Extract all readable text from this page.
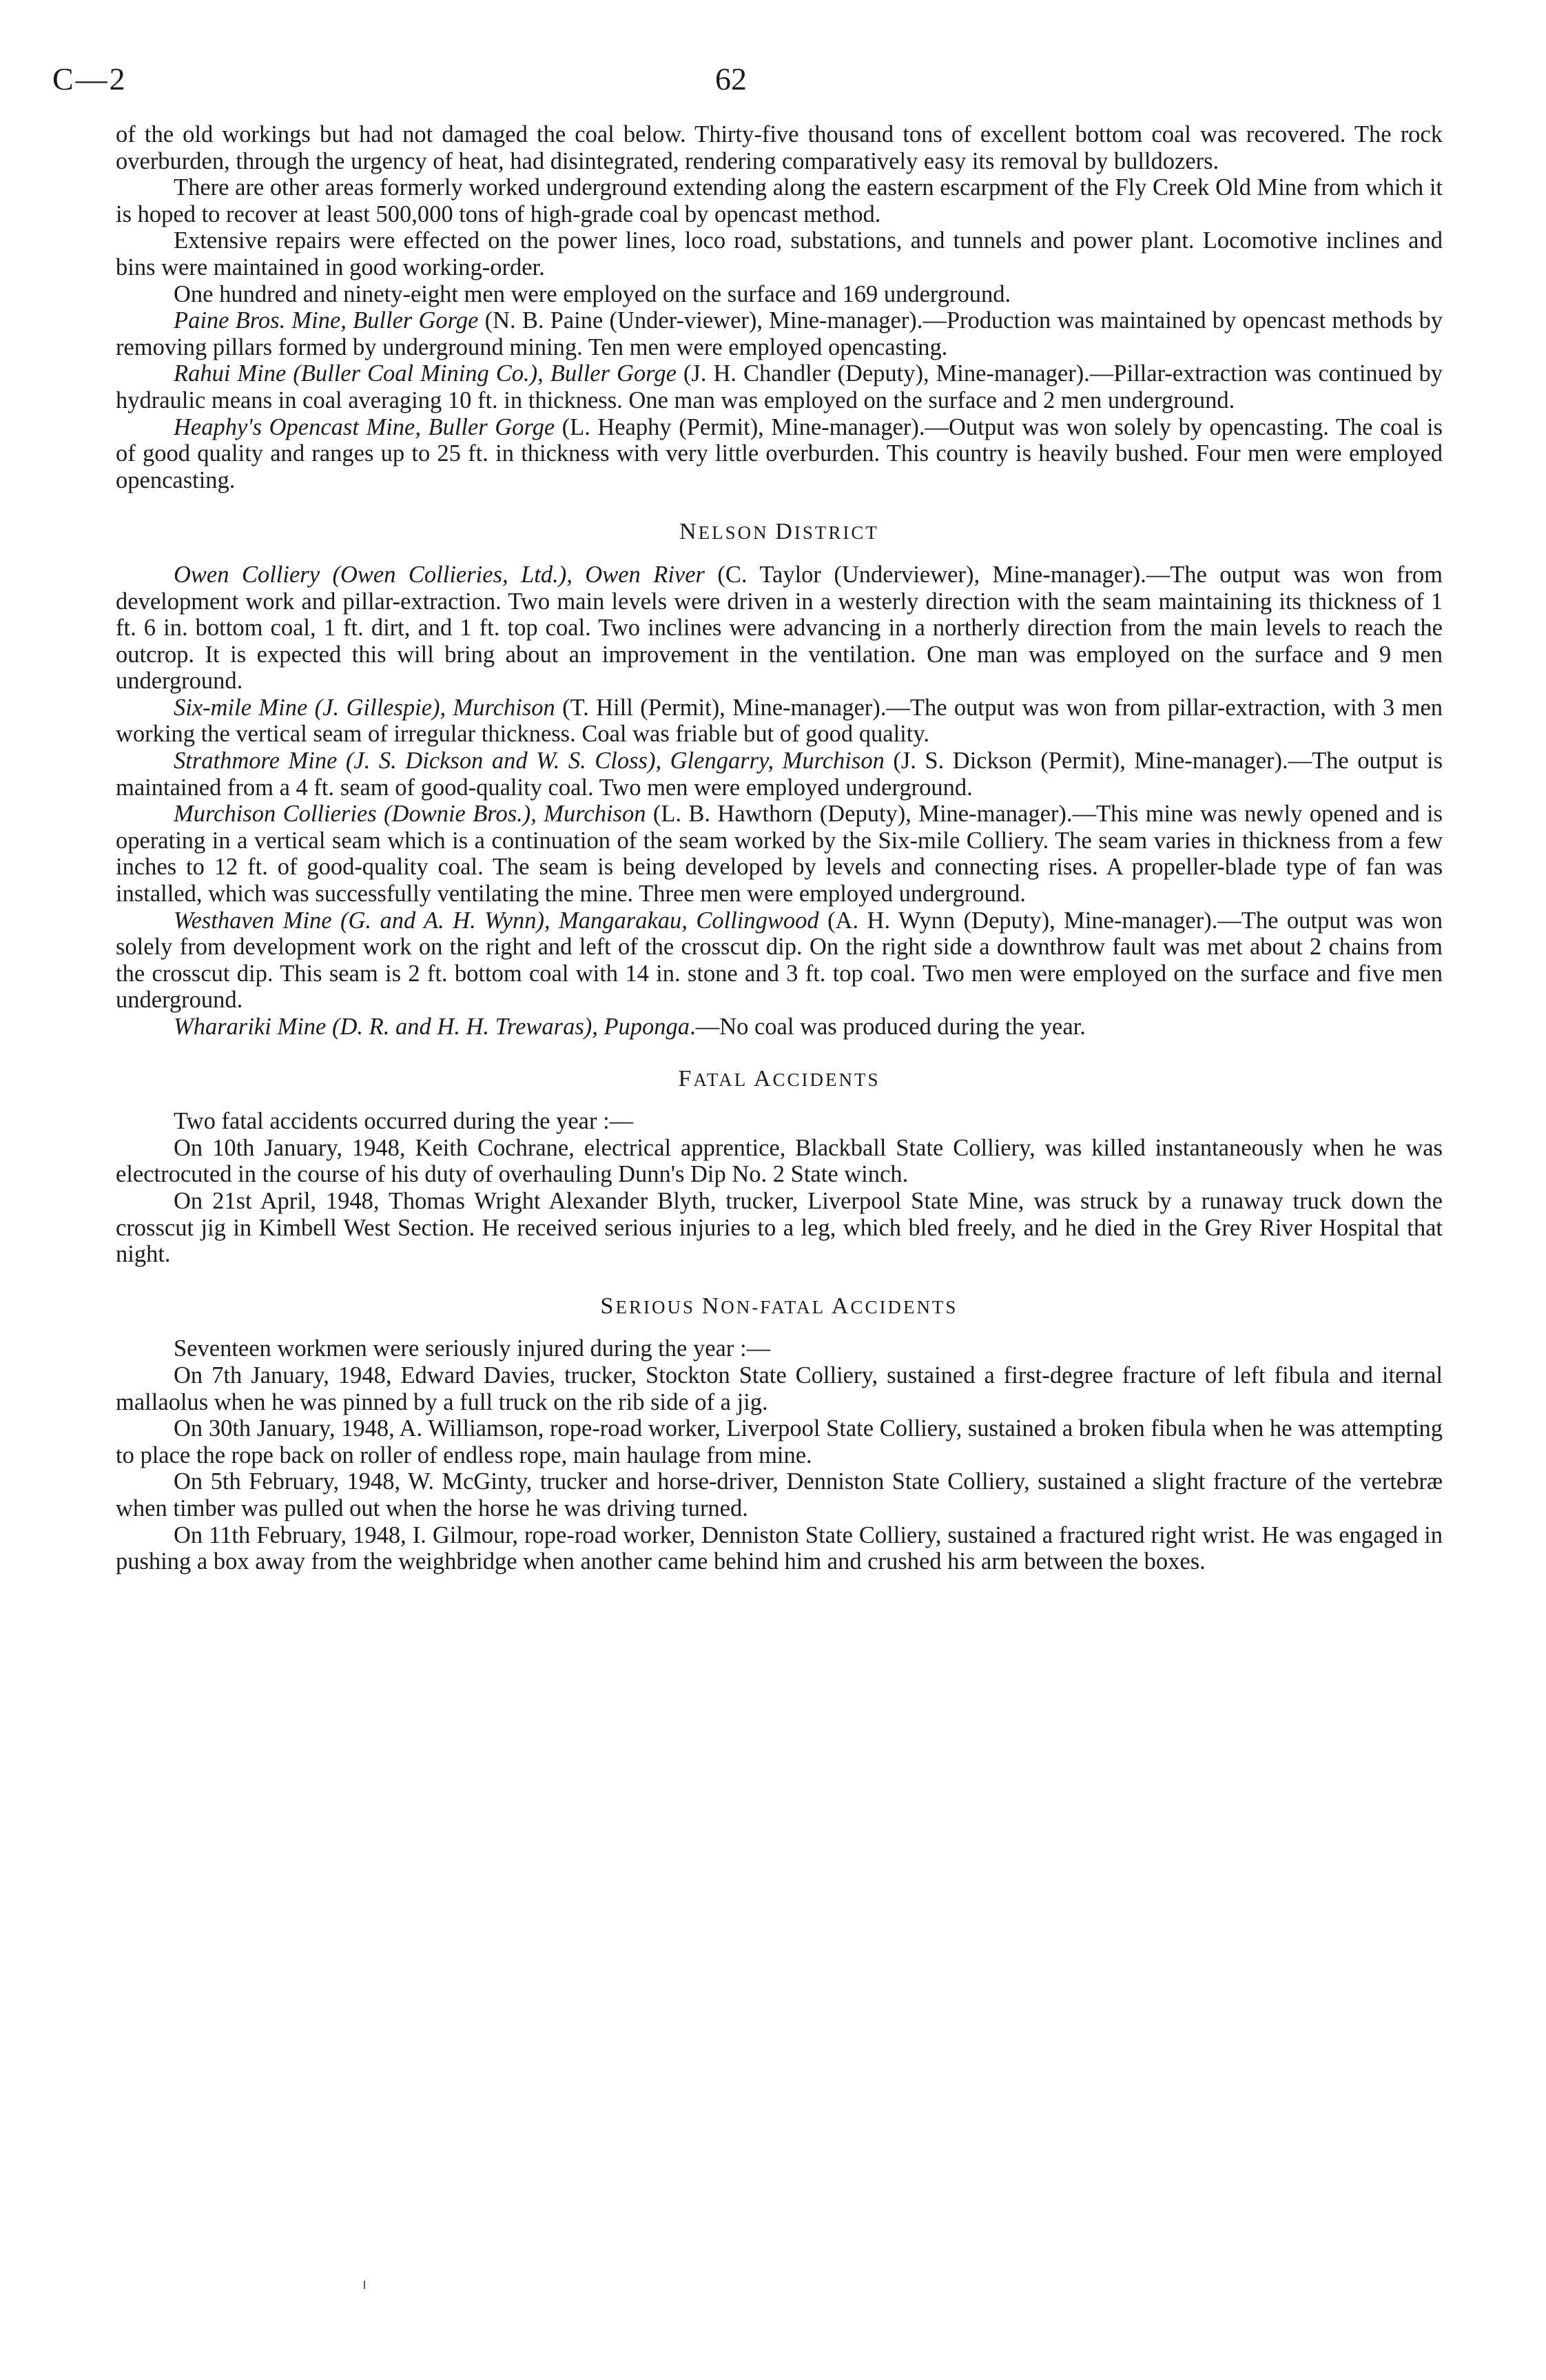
C—2	62

of the old workings but had not damaged the coal below. Thirty-five thousand tons of excellent bottom coal was recovered. The rock overburden, through the urgency of heat, had disintegrated, rendering comparatively easy its removal by bulldozers.

There are other areas formerly worked underground extending along the eastern escarpment of the Fly Creek Old Mine from which it is hoped to recover at least 500,000 tons of high-grade coal by opencast method.

Extensive repairs were effected on the power lines, loco road, substations, and tunnels and power plant. Locomotive inclines and bins were maintained in good working-order.

One hundred and ninety-eight men were employed on the surface and 169 underground.

Paine Bros. Mine, Buller Gorge (N. B. Paine (Under-viewer), Mine-manager).—Production was maintained by opencast methods by removing pillars formed by underground mining. Ten men were employed opencasting.

Rahui Mine (Buller Coal Mining Co.), Buller Gorge (J. H. Chandler (Deputy), Mine-manager).—Pillar-extraction was continued by hydraulic means in coal averaging 10 ft. in thickness. One man was employed on the surface and 2 men underground.

Heaphy's Opencast Mine, Buller Gorge (L. Heaphy (Permit), Mine-manager).—Output was won solely by opencasting. The coal is of good quality and ranges up to 25 ft. in thickness with very little overburden. This country is heavily bushed. Four men were employed opencasting.

NELSON DISTRICT

Owen Colliery (Owen Collieries, Ltd.), Owen River (C. Taylor (Underviewer), Mine-manager).—The output was won from development work and pillar-extraction. Two main levels were driven in a westerly direction with the seam maintaining its thickness of 1 ft. 6 in. bottom coal, 1 ft. dirt, and 1 ft. top coal. Two inclines were advancing in a northerly direction from the main levels to reach the outcrop. It is expected this will bring about an improvement in the ventilation. One man was employed on the surface and 9 men underground.

Six-mile Mine (J. Gillespie), Murchison (T. Hill (Permit), Mine-manager).—The output was won from pillar-extraction, with 3 men working the vertical seam of irregular thickness. Coal was friable but of good quality.

Strathmore Mine (J. S. Dickson and W. S. Closs), Glengarry, Murchison (J. S. Dickson (Permit), Mine-manager).—The output is maintained from a 4 ft. seam of good-quality coal. Two men were employed underground.

Murchison Collieries (Downie Bros.), Murchison (L. B. Hawthorn (Deputy), Mine-manager).—This mine was newly opened and is operating in a vertical seam which is a continuation of the seam worked by the Six-mile Colliery. The seam varies in thickness from a few inches to 12 ft. of good-quality coal. The seam is being developed by levels and connecting rises. A propeller-blade type of fan was installed, which was successfully ventilating the mine. Three men were employed underground.

Westhaven Mine (G. and A. H. Wynn), Mangarakau, Collingwood (A. H. Wynn (Deputy), Mine-manager).—The output was won solely from development work on the right and left of the crosscut dip. On the right side a downthrow fault was met about 2 chains from the crosscut dip. This seam is 2 ft. bottom coal with 14 in. stone and 3 ft. top coal. Two men were employed on the surface and five men underground.

Wharariki Mine (D. R. and H. H. Trewaras), Puponga.—No coal was produced during the year.

FATAL ACCIDENTS

Two fatal accidents occurred during the year :—

On 10th January, 1948, Keith Cochrane, electrical apprentice, Blackball State Colliery, was killed instantaneously when he was electrocuted in the course of his duty of overhauling Dunn's Dip No. 2 State winch.

On 21st April, 1948, Thomas Wright Alexander Blyth, trucker, Liverpool State Mine, was struck by a runaway truck down the crosscut jig in Kimbell West Section. He received serious injuries to a leg, which bled freely, and he died in the Grey River Hospital that night.

SERIOUS NON-FATAL ACCIDENTS

Seventeen workmen were seriously injured during the year :—

On 7th January, 1948, Edward Davies, trucker, Stockton State Colliery, sustained a first-degree fracture of left fibula and iternal mallaolus when he was pinned by a full truck on the rib side of a jig.

On 30th January, 1948, A. Williamson, rope-road worker, Liverpool State Colliery, sustained a broken fibula when he was attempting to place the rope back on roller of endless rope, main haulage from mine.

On 5th February, 1948, W. McGinty, trucker and horse-driver, Denniston State Colliery, sustained a slight fracture of the vertebræ when timber was pulled out when the horse he was driving turned.

On 11th February, 1948, I. Gilmour, rope-road worker, Denniston State Colliery, sustained a fractured right wrist. He was engaged in pushing a box away from the weighbridge when another came behind him and crushed his arm between the boxes.
